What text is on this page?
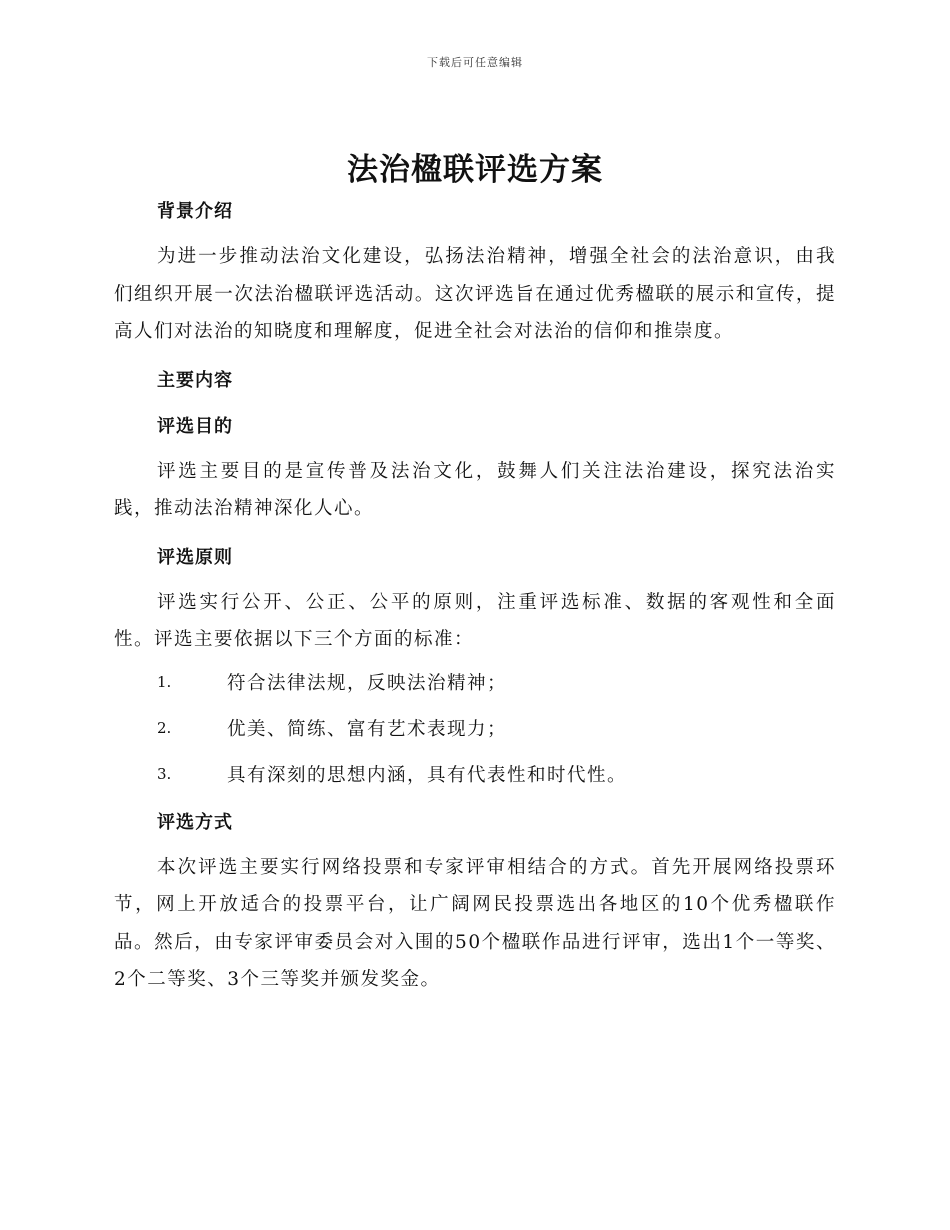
下载后可任意编辑
法治楹联评选方案
背景介绍

为进一步推动法治文化建设，弘扬法治精神，增强全社会的法治意识，由我们组织开展一次法治楹联评选活动。这次评选旨在通过优秀楹联的展示和宣传，提高人们对法治的知晓度和理解度，促进全社会对法治的信仰和推崇度。

主要内容
评选目的

评选主要目的是宣传普及法治文化，鼓舞人们关注法治建设，探究法治实践，推动法治精神深化人心。

评选原则

评选实行公开、公正、公平的原则，注重评选标准、数据的客观性和全面性。评选主要依据以下三个方面的标准：

1.	符合法律法规，反映法治精神；
2.	优美、简练、富有艺术表现力；
3.	具有深刻的思想内涵，具有代表性和时代性。
评选方式

本次评选主要实行网络投票和专家评审相结合的方式。首先开展网络投票环节，网上开放适合的投票平台，让广阔网民投票选出各地区的10个优秀楹联作品。然后，由专家评审委员会对入围的50个楹联作品进行评审，选出1个一等奖、2个二等奖、3个三等奖并颁发奖金。
